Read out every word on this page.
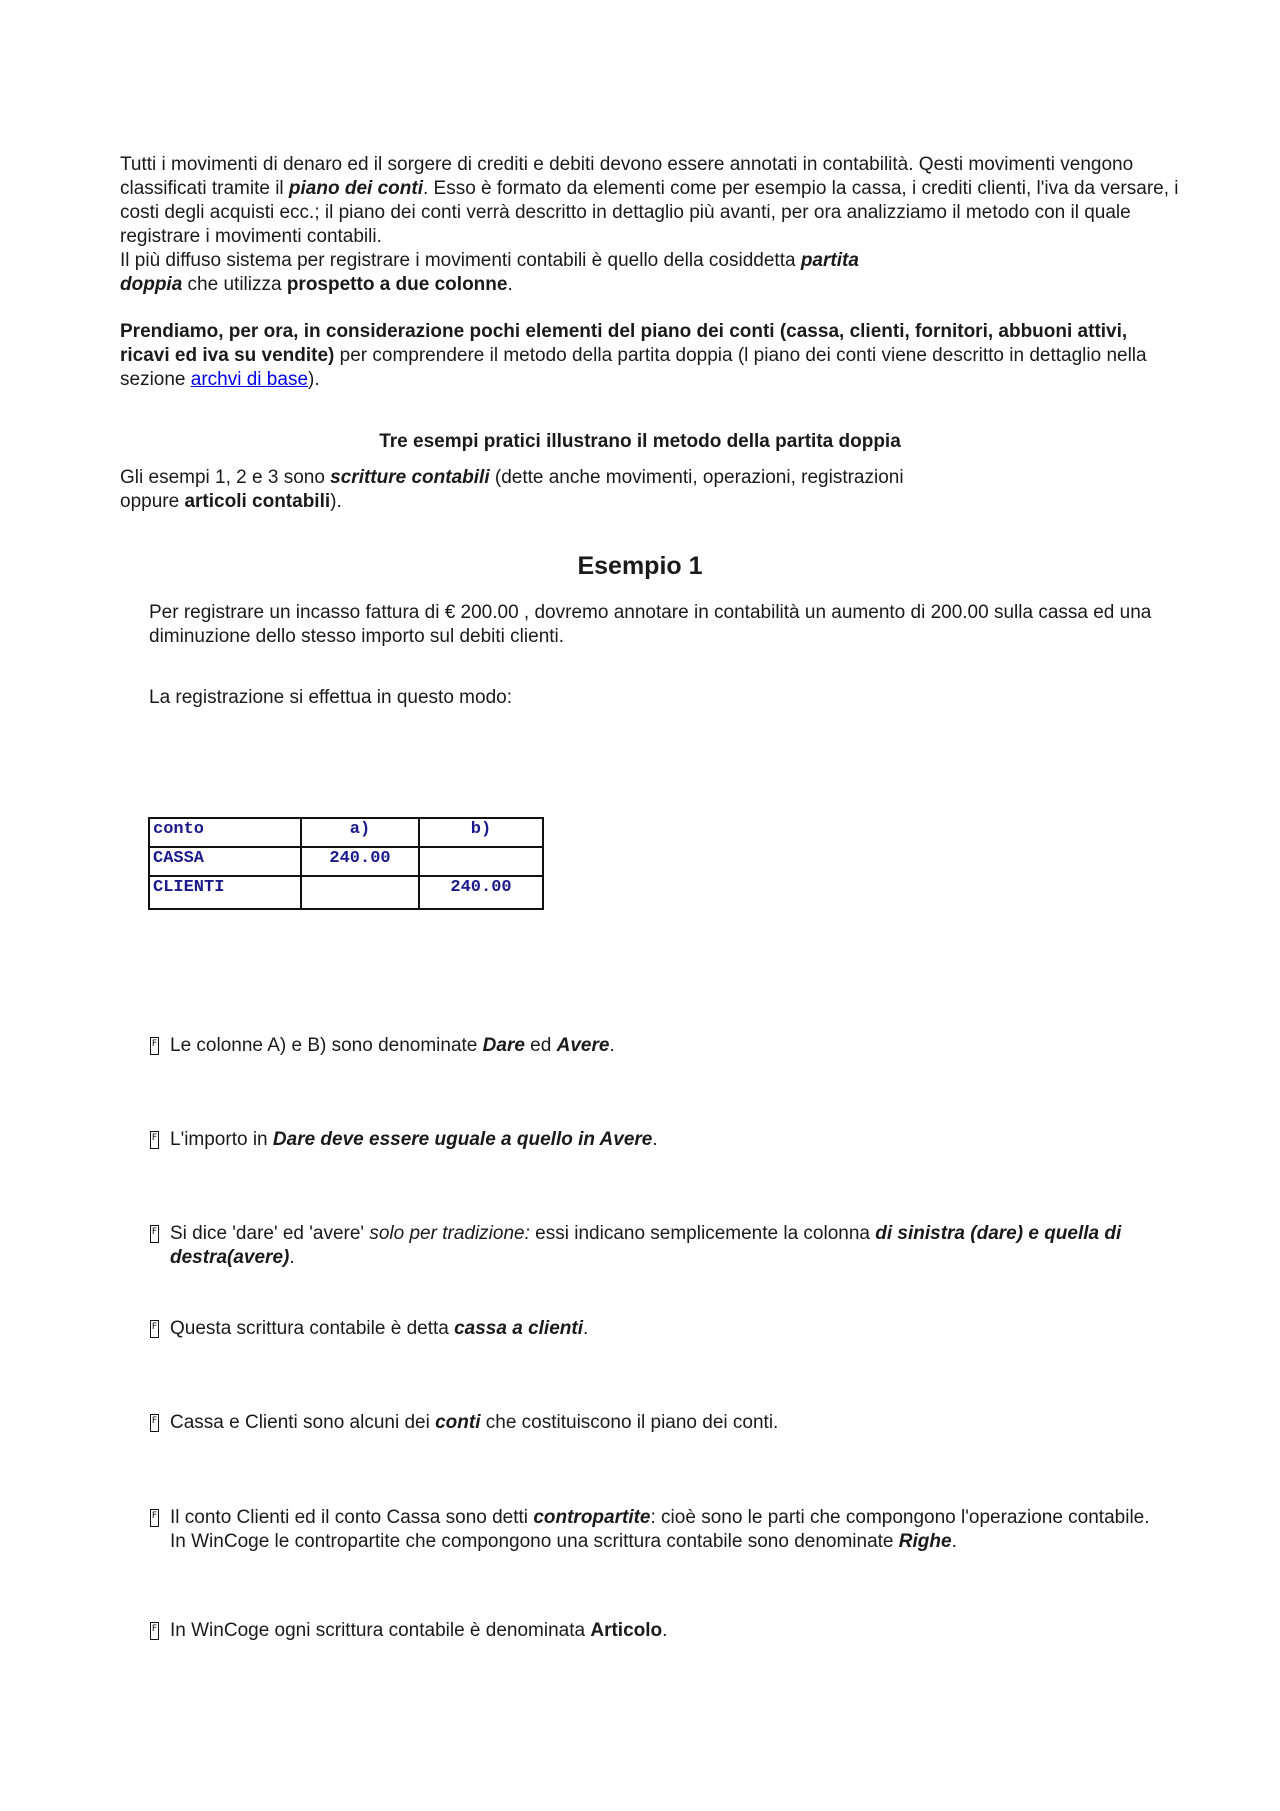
Tutti i movimenti di denaro ed il sorgere di crediti e debiti devono essere annotati in contabilità. Qesti movimenti vengono classificati tramite il piano dei conti. Esso è formato da elementi come per esempio la cassa, i crediti clienti, l'iva da versare, i costi degli acquisti ecc.; il piano dei conti verrà descritto in dettaglio più avanti, per ora analizziamo il metodo con il quale registrare i movimenti contabili.

Il più diffuso sistema per registrare i movimenti contabili è quello della cosiddetta partita
doppia che utilizza prospetto a due colonne.

Prendiamo, per ora, in considerazione pochi elementi del piano dei conti (cassa, clienti, fornitori, abbuoni attivi, ricavi ed iva su vendite) per comprendere il metodo della partita doppia (l piano dei conti viene descritto in dettaglio nella sezione archvi di base).

Tre esempi pratici illustrano il metodo della partita doppia

Gli esempi 1, 2 e 3 sono scritture contabili (dette anche movimenti, operazioni, registrazioni
oppure articoli contabili).

Esempio 1

Per registrare un incasso fattura di € 200.00 , dovremo annotare in contabilità un aumento di 200.00 sulla cassa ed una diminuzione dello stesso importo sul debiti clienti.

La registrazione si effettua in questo modo:

conto	a)	b)
CASSA	240.00	
CLIENTI		240.00
F Le colonne A) e B) sono denominate Dare ed Avere.
F L'importo in Dare deve essere uguale a quello in Avere.
F Si dice 'dare' ed 'avere' solo per tradizione: essi indicano semplicemente la colonna di sinistra (dare) e quella di destra(avere).
F Questa scrittura contabile è detta cassa a clienti.
F Cassa e Clienti sono alcuni dei conti che costituiscono il piano dei conti.
F Il conto Clienti ed il conto Cassa sono detti contropartite: cioè sono le parti che compongono l'operazione contabile. In WinCoge le contropartite che compongono una scrittura contabile sono denominate Righe.
F In WinCoge ogni scrittura contabile è denominata Articolo.
